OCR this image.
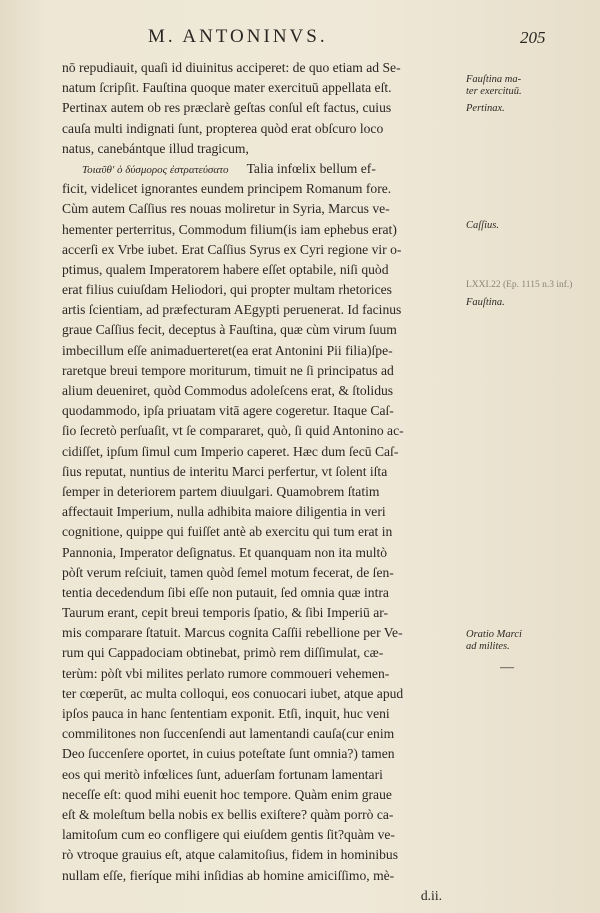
M. ANTONINVS.	205
nō repudiauit, quaſi id diuinitus acciperet: de quo etiam ad Se-
natum ſcripſit. Fauſtina quoque mater exercituū appellata eſt.
Pertinax autem ob res præclarè geſtas conſul eſt factus, cuius
cauſa multi indignati ſunt, propterea quòd erat obſcuro loco
natus, canebántque illud tragicum,
Τοιαῦθ' ὁ δύσμορος ἐστρατεύσατο Talia infœlix bellum ef-
ficit, videlicet ignorantes eundem principem Romanum fore.
Cùm autem Caſſius res nouas moliretur in Syria, Marcus ve-
hementer perterritus, Commodum filium(is iam ephebus erat)
accerſi ex Vrbe iubet. Erat Caſſius Syrus ex Cyri regione vir o-
ptimus, qualem Imperatorem habere eſſet optabile, niſi quòd
erat filius cuiuſdam Heliodori, qui propter multam rhetorices
artis ſcientiam, ad præfecturam AEgypti peruenerat. Id facinus
graue Caſſius fecit, deceptus à Fauſtina, quæ cùm virum ſuum
imbecillum eſſe animaduerteret(ea erat Antonini Pii filia)ſpe-
raretque breui tempore moriturum, timuit ne ſi principatus ad
alium deueniret, quòd Commodus adoleſcens erat, & ſtolidus
quodammodo, ipſa priuatam vitā agere cogeretur. Itaque Caſ-
ſio ſecretò perſuaſit, vt ſe compararet, quò, ſi quid Antonino ac-
cidiſſet, ipſum ſimul cum Imperio caperet. Hæc dum ſecū Caſ-
ſius reputat, nuntius de interitu Marci perfertur, vt ſolent iſta
ſemper in deteriorem partem diuulgari. Quamobrem ſtatim
affectauit Imperium, nulla adhibita maiore diligentia in veri
cognitione, quippe qui fuiſſet antè ab exercitu qui tum erat in
Pannonia, Imperator deſignatus. Et quanquam non ita multò
pòſt verum reſciuit, tamen quòd ſemel motum fecerat, de ſen-
tentia decedendum ſibi eſſe non putauit, ſed omnia quæ intra
Taurum erant, cepit breui temporis ſpatio, & ſibi Imperiū ar-
mis comparare ſtatuit. Marcus cognita Caſſii rebellione per Ve-
rum qui Cappadociam obtinebat, primò rem diſſimulat, cæ-
terùm: pòſt vbi milites perlato rumore commoueri vehemen-
ter cœperūt, ac multa colloqui, eos conuocari iubet, atque apud
ipſos pauca in hanc ſententiam exponit. Etſi, inquit, huc veni
commilitones non ſuccenſendi aut lamentandi cauſa(cur enim
Deo ſuccenſere oportet, in cuius poteſtate ſunt omnia?) tamen
eos qui meritò infœlices ſunt, aduerſam fortunam lamentari
neceſſe eſt: quod mihi euenit hoc tempore. Quàm enim graue
eſt & moleſtum bella nobis ex bellis exiſtere? quàm porrò ca-
lamitoſum cum eo confligere qui eiuſdem gentis ſit?quàm ve-
rò vtroque grauius eſt, atque calamitoſius, fidem in hominibus
nullam eſſe, fieríque mihi inſidias ab homine amiciſſimo, mè-
d.ii.
Fauſtina ma-
ter exercituū.
Pertinax.
Caſſius.
LXXI.22 (Ep. 1115 n.3 inf.)
Fauſtina.
Oratio Marci
ad milites.
—
